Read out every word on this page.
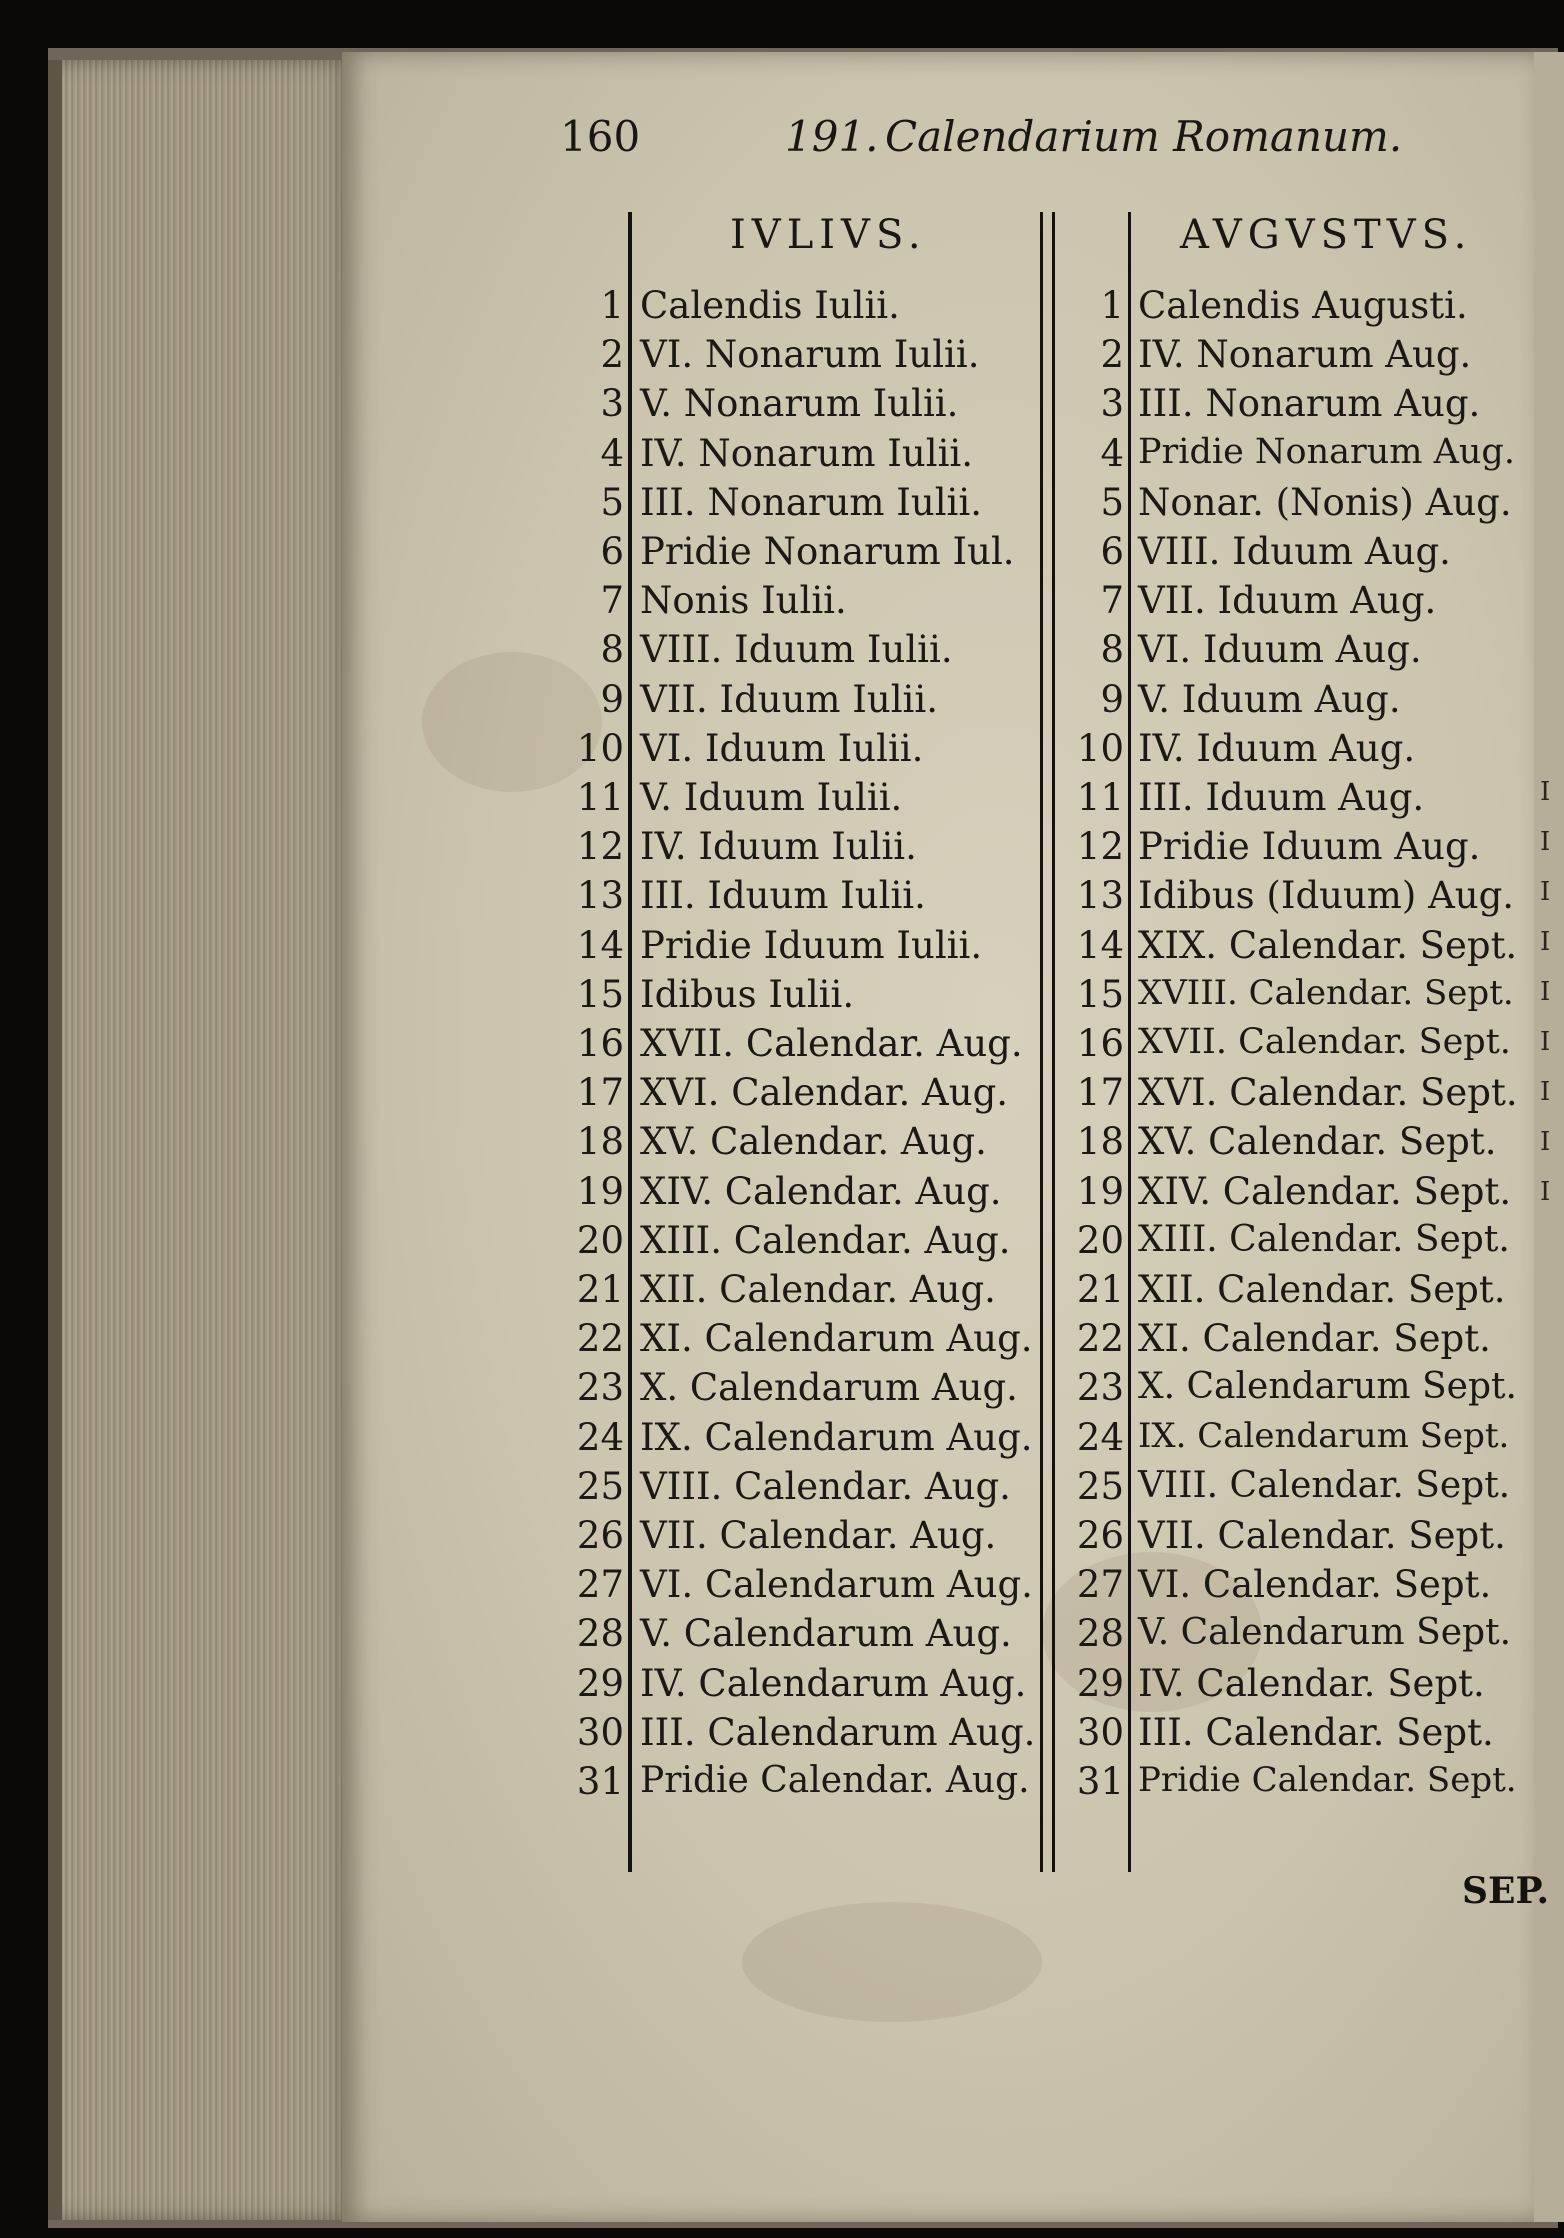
I
I
I
I
I
I
I
I
I
160	191. Calendarium Romanum.
IVLIVS.	AVGVSTVS.
1 Calendis Iulii.
2 VI. Nonarum Iulii.
3 V. Nonarum Iulii.
4 IV. Nonarum Iulii.
5 III. Nonarum Iulii.
6 Pridie Nonarum Iul.
7 Nonis Iulii.
8 VIII. Iduum Iulii.
9 VII. Iduum Iulii.
10 VI. Iduum Iulii.
11 V. Iduum Iulii.
12 IV. Iduum Iulii.
13 III. Iduum Iulii.
14 Pridie Iduum Iulii.
15 Idibus Iulii.
16 XVII. Calendar. Aug.
17 XVI. Calendar. Aug.
18 XV. Calendar. Aug.
19 XIV. Calendar. Aug.
20 XIII. Calendar. Aug.
21 XII. Calendar. Aug.
22 XI. Calendarum Aug.
23 X. Calendarum Aug.
24 IX. Calendarum Aug.
25 VIII. Calendar. Aug.
26 VII. Calendar. Aug.
27 VI. Calendarum Aug.
28 V. Calendarum Aug.
29 IV. Calendarum Aug.
30 III. Calendarum Aug.
31 Pridie Calendar. Aug.
1 Calendis Augusti.
2 IV. Nonarum Aug.
3 III. Nonarum Aug.
4 Pridie Nonarum Aug.
5 Nonar. (Nonis) Aug.
6 VIII. Iduum Aug.
7 VII. Iduum Aug.
8 VI. Iduum Aug.
9 V. Iduum Aug.
10 IV. Iduum Aug.
11 III. Iduum Aug.
12 Pridie Iduum Aug.
13 Idibus (Iduum) Aug.
14 XIX. Calendar. Sept.
15 XVIII. Calendar. Sept.
16 XVII. Calendar. Sept.
17 XVI. Calendar. Sept.
18 XV. Calendar. Sept.
19 XIV. Calendar. Sept.
20 XIII. Calendar. Sept.
21 XII. Calendar. Sept.
22 XI. Calendar. Sept.
23 X. Calendarum Sept.
24 IX. Calendarum Sept.
25 VIII. Calendar. Sept.
26 VII. Calendar. Sept.
27 VI. Calendar. Sept.
28 V. Calendarum Sept.
29 IV. Calendar. Sept.
30 III. Calendar. Sept.
31 Pridie Calendar. Sept.
SEP.
